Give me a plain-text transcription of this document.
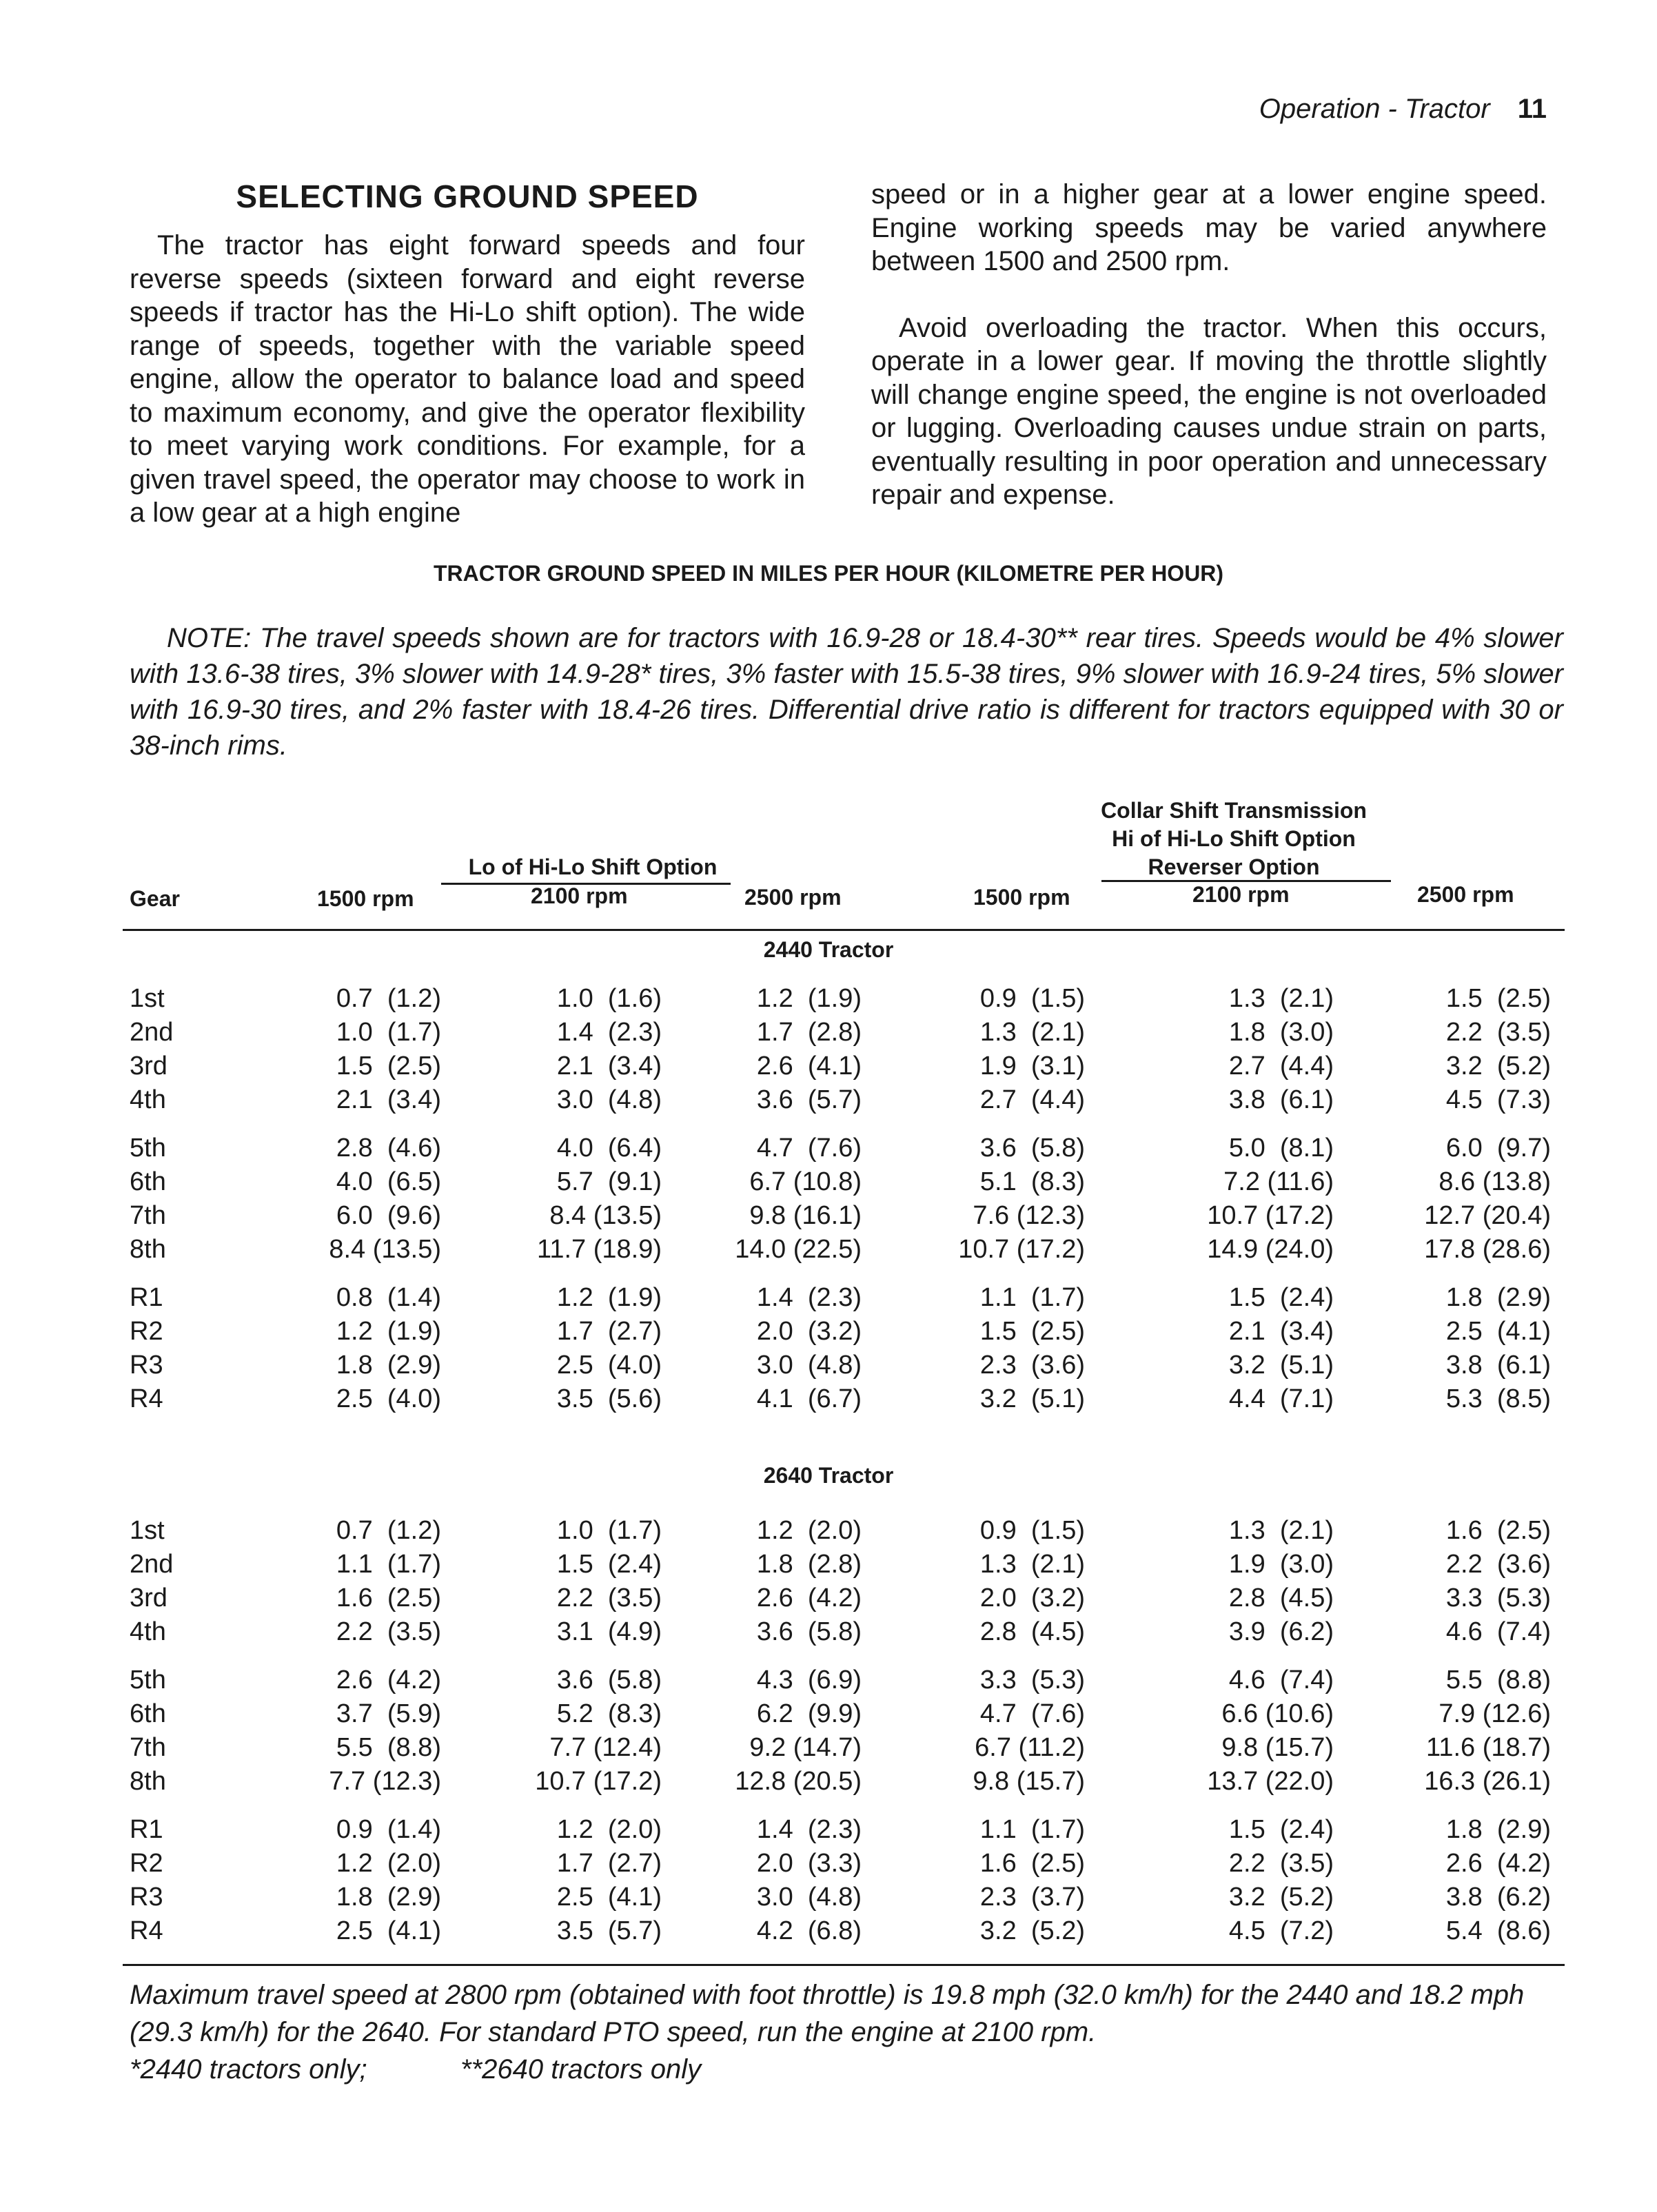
Operation - Tractor 11
SELECTING GROUND SPEED

The tractor has eight forward speeds and four reverse speeds (sixteen forward and eight reverse speeds if tractor has the Hi-Lo shift option). The wide range of speeds, together with the variable speed engine, allow the operator to balance load and speed to maximum economy, and give the operator flexibility to meet varying work conditions. For example, for a given travel speed, the operator may choose to work in a low gear at a high engine

speed or in a higher gear at a lower engine speed. Engine working speeds may be varied anywhere between 1500 and 2500 rpm.

Avoid overloading the tractor. When this occurs, operate in a lower gear. If moving the throttle slightly will change engine speed, the engine is not overloaded or lugging. Overloading causes undue strain on parts, eventually resulting in poor operation and unnecessary repair and expense.

TRACTOR GROUND SPEED IN MILES PER HOUR (KILOMETRE PER HOUR)
NOTE: The travel speeds shown are for tractors with 16.9-28 or 18.4-30** rear tires. Speeds would be 4% slower with 13.6-38 tires, 3% slower with 14.9-28* tires, 3% faster with 15.5-38 tires, 9% slower with 16.9-24 tires, 5% slower with 16.9-30 tires, and 2% faster with 18.4-26 tires. Differential drive ratio is different for tractors equipped with 30 or 38-inch rims.
Gear
Lo of Hi-Lo Shift Option
Collar Shift Transmission
Hi of Hi-Lo Shift Option
Reverser Option
1500 rpm	2100 rpm	2500 rpm	1500 rpm	2100 rpm	2500 rpm
2440 Tractor
1st	0.7  (1.2)	1.0  (1.6)	1.2  (1.9)	0.9  (1.5)	1.3  (2.1)	1.5  (2.5)
2nd	1.0  (1.7)	1.4  (2.3)	1.7  (2.8)	1.3  (2.1)	1.8  (3.0)	2.2  (3.5)
3rd	1.5  (2.5)	2.1  (3.4)	2.6  (4.1)	1.9  (3.1)	2.7  (4.4)	3.2  (5.2)
4th	2.1  (3.4)	3.0  (4.8)	3.6  (5.7)	2.7  (4.4)	3.8  (6.1)	4.5  (7.3)
5th	2.8  (4.6)	4.0  (6.4)	4.7  (7.6)	3.6  (5.8)	5.0  (8.1)	6.0  (9.7)
6th	4.0  (6.5)	5.7  (9.1)	6.7 (10.8)	5.1  (8.3)	7.2 (11.6)	8.6 (13.8)
7th	6.0  (9.6)	8.4 (13.5)	9.8 (16.1)	7.6 (12.3)	10.7 (17.2)	12.7 (20.4)
8th	8.4 (13.5)	11.7 (18.9)	14.0 (22.5)	10.7 (17.2)	14.9 (24.0)	17.8 (28.6)
R1	0.8  (1.4)	1.2  (1.9)	1.4  (2.3)	1.1  (1.7)	1.5  (2.4)	1.8  (2.9)
R2	1.2  (1.9)	1.7  (2.7)	2.0  (3.2)	1.5  (2.5)	2.1  (3.4)	2.5  (4.1)
R3	1.8  (2.9)	2.5  (4.0)	3.0  (4.8)	2.3  (3.6)	3.2  (5.1)	3.8  (6.1)
R4	2.5  (4.0)	3.5  (5.6)	4.1  (6.7)	3.2  (5.1)	4.4  (7.1)	5.3  (8.5)
2640 Tractor
1st	0.7  (1.2)	1.0  (1.7)	1.2  (2.0)	0.9  (1.5)	1.3  (2.1)	1.6  (2.5)
2nd	1.1  (1.7)	1.5  (2.4)	1.8  (2.8)	1.3  (2.1)	1.9  (3.0)	2.2  (3.6)
3rd	1.6  (2.5)	2.2  (3.5)	2.6  (4.2)	2.0  (3.2)	2.8  (4.5)	3.3  (5.3)
4th	2.2  (3.5)	3.1  (4.9)	3.6  (5.8)	2.8  (4.5)	3.9  (6.2)	4.6  (7.4)
5th	2.6  (4.2)	3.6  (5.8)	4.3  (6.9)	3.3  (5.3)	4.6  (7.4)	5.5  (8.8)
6th	3.7  (5.9)	5.2  (8.3)	6.2  (9.9)	4.7  (7.6)	6.6 (10.6)	7.9 (12.6)
7th	5.5  (8.8)	7.7 (12.4)	9.2 (14.7)	6.7 (11.2)	9.8 (15.7)	11.6 (18.7)
8th	7.7 (12.3)	10.7 (17.2)	12.8 (20.5)	9.8 (15.7)	13.7 (22.0)	16.3 (26.1)
R1	0.9  (1.4)	1.2  (2.0)	1.4  (2.3)	1.1  (1.7)	1.5  (2.4)	1.8  (2.9)
R2	1.2  (2.0)	1.7  (2.7)	2.0  (3.3)	1.6  (2.5)	2.2  (3.5)	2.6  (4.2)
R3	1.8  (2.9)	2.5  (4.1)	3.0  (4.8)	2.3  (3.7)	3.2  (5.2)	3.8  (6.2)
R4	2.5  (4.1)	3.5  (5.7)	4.2  (6.8)	3.2  (5.2)	4.5  (7.2)	5.4  (8.6)

Maximum travel speed at 2800 rpm (obtained with foot throttle) is 19.8 mph (32.0 km/h) for the 2440 and 18.2 mph (29.3 km/h) for the 2640. For standard PTO speed, run the engine at 2100 rpm.

*2440 tractors only;	**2640 tractors only
